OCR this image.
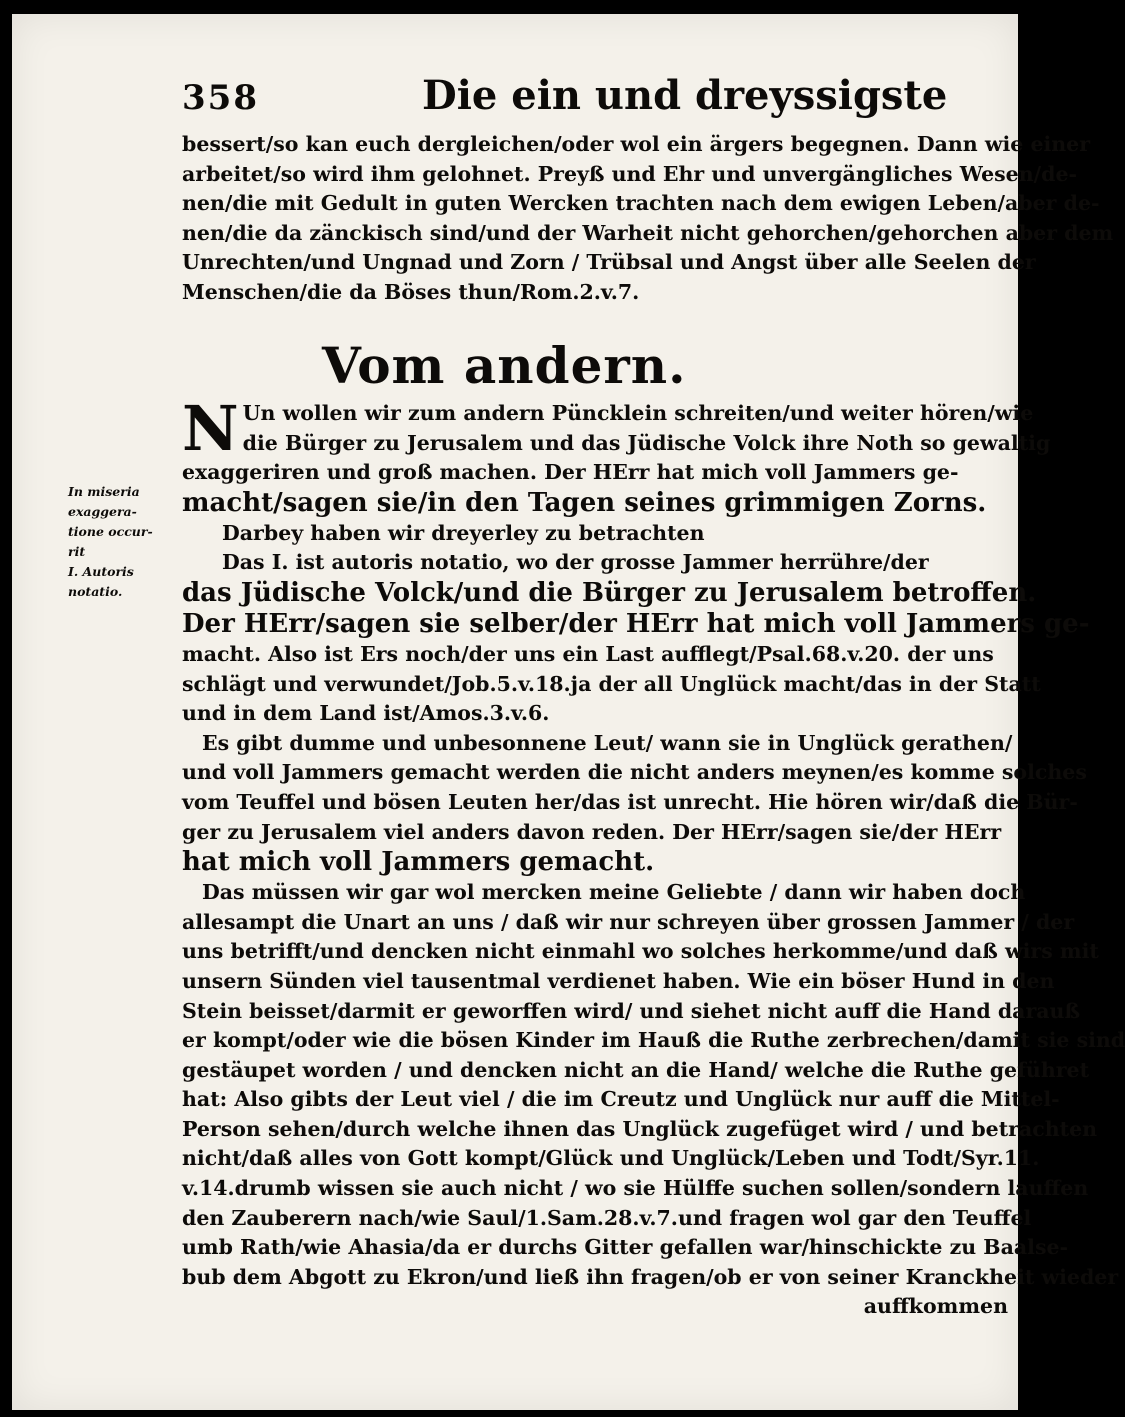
358	Die ein und dreyssigste
bessert/so kan euch dergleichen/oder wol ein ärgers begegnen. Dann wie einer
arbeitet/so wird ihm gelohnet. Preyß und Ehr und unvergängliches Wesen/de-
nen/die mit Gedult in guten Wercken trachten nach dem ewigen Leben/aber de-
nen/die da zänckisch sind/und der Warheit nicht gehorchen/gehorchen aber dem
Unrechten/und Ungnad und Zorn / Trübsal und Angst über alle Seelen der
Menschen/die da Böses thun/Rom.2.v.7.
Vom andern.
In miseria
exaggera-
tione occur-
rit
I. Autoris
notatio.
N Un wollen wir zum andern Püncklein schreiten/und weiter hören/wie
die Bürger zu Jerusalem und das Jüdische Volck ihre Noth so gewaltig
exaggeriren und groß machen. Der HErr hat mich voll Jammers ge-
macht/sagen sie/in den Tagen seines grimmigen Zorns.
Darbey haben wir dreyerley zu betrachten
Das I. ist autoris notatio, wo der grosse Jammer herrühre/der
das Jüdische Volck/und die Bürger zu Jerusalem betroffen.
Der HErr/sagen sie selber/der HErr hat mich voll Jammers ge-
macht. Also ist Ers noch/der uns ein Last aufflegt/Psal.68.v.20. der uns
schlägt und verwundet/Job.5.v.18.ja der all Unglück macht/das in der Statt
und in dem Land ist/Amos.3.v.6.
Es gibt dumme und unbesonnene Leut/ wann sie in Unglück gerathen/
und voll Jammers gemacht werden die nicht anders meynen/es komme solches
vom Teuffel und bösen Leuten her/das ist unrecht. Hie hören wir/daß die Bür-
ger zu Jerusalem viel anders davon reden. Der HErr/sagen sie/der HErr
hat mich voll Jammers gemacht.
Das müssen wir gar wol mercken meine Geliebte / dann wir haben doch
allesampt die Unart an uns / daß wir nur schreyen über grossen Jammer / der
uns betrifft/und dencken nicht einmahl wo solches herkomme/und daß wirs mit
unsern Sünden viel tausentmal verdienet haben. Wie ein böser Hund in den
Stein beisset/darmit er geworffen wird/ und siehet nicht auff die Hand darauß
er kompt/oder wie die bösen Kinder im Hauß die Ruthe zerbrechen/damit sie sind
gestäupet worden / und dencken nicht an die Hand/ welche die Ruthe geführet
hat: Also gibts der Leut viel / die im Creutz und Unglück nur auff die Mittel-
Person sehen/durch welche ihnen das Unglück zugefüget wird / und betrachten
nicht/daß alles von Gott kompt/Glück und Unglück/Leben und Todt/Syr.11.
v.14.drumb wissen sie auch nicht / wo sie Hülffe suchen sollen/sondern lauffen
den Zauberern nach/wie Saul/1.Sam.28.v.7.und fragen wol gar den Teuffel
umb Rath/wie Ahasia/da er durchs Gitter gefallen war/hinschickte zu Baalse-
bub dem Abgott zu Ekron/und ließ ihn fragen/ob er von seiner Kranckheit wieder
auffkommen
